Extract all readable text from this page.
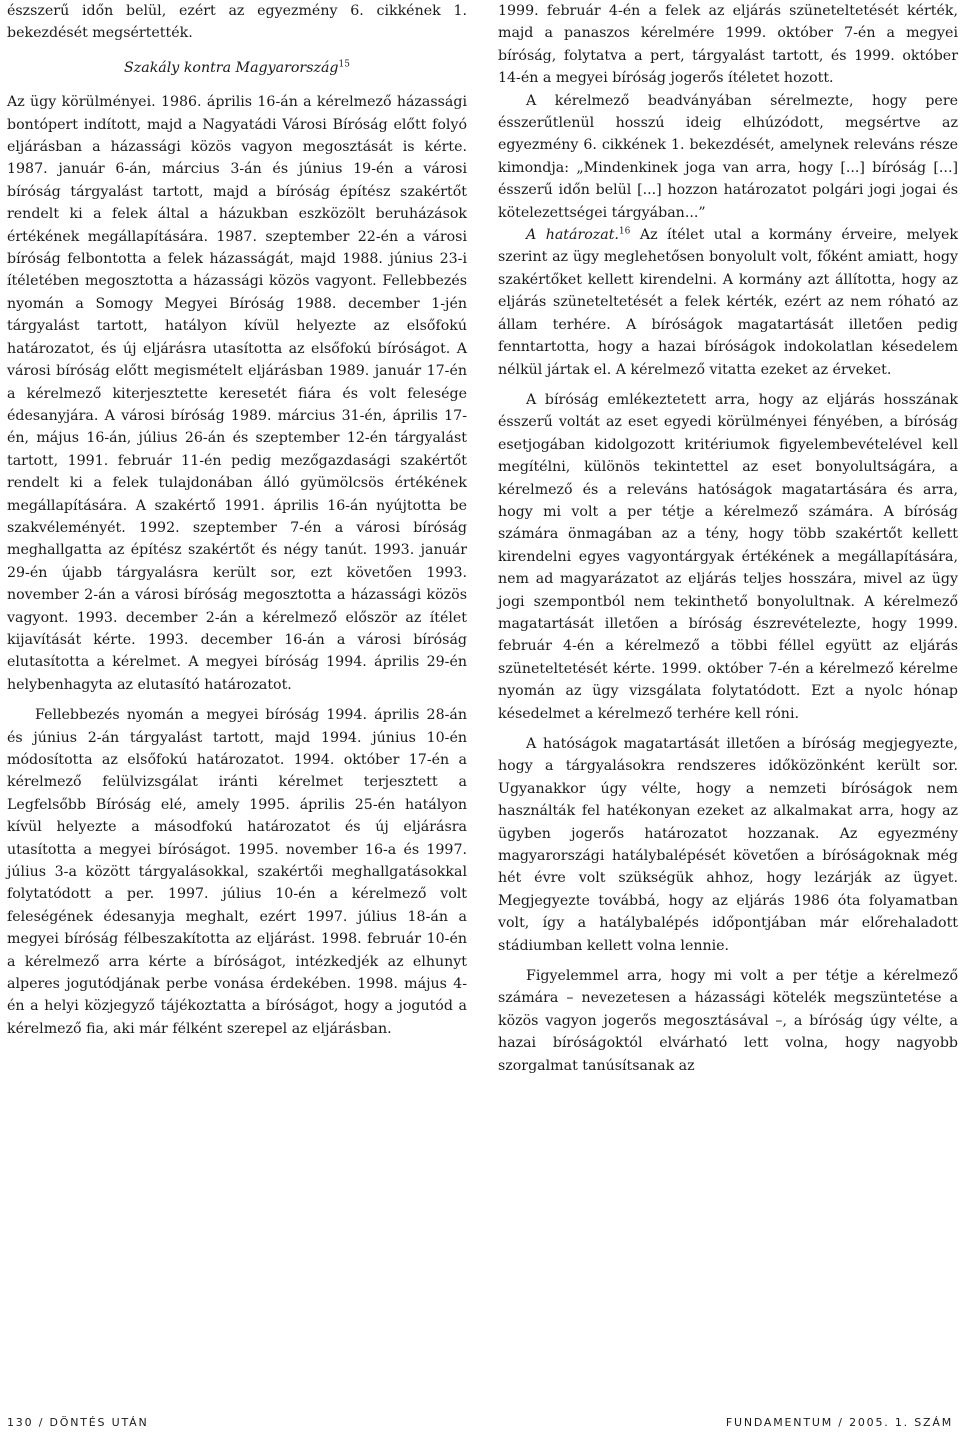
észszerű időn belül, ezért az egyezmény 6. cikkének 1. bekezdését megsértették.

Szakály kontra Magyarország$^{15}$

Az ügy körülményei. 1986. április 16-án a kérelmező házassági bontópert indított, majd a Nagyatádi Városi Bíróság előtt folyó eljárásban a házassági közös vagyon megosztását is kérte. 1987. január 6-án, március 3-án és június 19-én a városi bíróság tárgyalást tartott, majd a bíróság építész szakértőt rendelt ki a felek által a házukban eszközölt beruházások értékének megállapítására. 1987. szeptember 22-én a városi bíróság felbontotta a felek házasságát, majd 1988. június 23-i ítéletében megosztotta a házassági közös vagyont. Fellebbezés nyomán a Somogy Megyei Bíróság 1988. december 1-jén tárgyalást tartott, hatályon kívül helyezte az elsőfokú határozatot, és új eljárásra utasította az elsőfokú bíróságot. A városi bíróság előtt megismételt eljárásban 1989. január 17-én a kérelmező kiterjesztette keresetét fiára és volt felesége édesanyjára. A városi bíróság 1989. március 31-én, április 17-én, május 16-án, július 26-án és szeptember 12-én tárgyalást tartott, 1991. február 11-én pedig mezőgazdasági szakértőt rendelt ki a felek tulajdonában álló gyümölcsös értékének megállapítására. A szakértő 1991. április 16-án nyújtotta be szakvéleményét. 1992. szeptember 7-én a városi bíróság meghallgatta az építész szakértőt és négy tanút. 1993. január 29-én újabb tárgyalásra került sor, ezt követően 1993. november 2-án a városi bíróság megosztotta a házassági közös vagyont. 1993. december 2-án a kérelmező először az ítélet kijavítását kérte. 1993. december 16-án a városi bíróság elutasította a kérelmet. A megyei bíróság 1994. április 29-én helybenhagyta az elutasító határozatot.

Fellebbezés nyomán a megyei bíróság 1994. április 28-án és június 2-án tárgyalást tartott, majd 1994. június 10-én módosította az elsőfokú határozatot. 1994. október 17-én a kérelmező felülvizsgálat iránti kérelmet terjesztett a Legfelsőbb Bíróság elé, amely 1995. április 25-én hatályon kívül helyezte a másodfokú határozatot és új eljárásra utasította a megyei bíróságot. 1995. november 16-a és 1997. július 3-a között tárgyalásokkal, szakértői meghallgatásokkal folytatódott a per. 1997. július 10-én a kérelmező volt feleségének édesanyja meghalt, ezért 1997. július 18-án a megyei bíróság félbeszakította az eljárást. 1998. február 10-én a kérelmező arra kérte a bíróságot, intézkedjék az elhunyt alperes jogutódjának perbe vonása érdekében. 1998. május 4-én a helyi közjegyző tájékoztatta a bíróságot, hogy a jogutód a kérelmező fia, aki már félként szerepel az eljárásban.

1999. február 4-én a felek az eljárás szüneteltetését kérték, majd a panaszos kérelmére 1999. október 7-én a megyei bíróság, folytatva a pert, tárgyalást tartott, és 1999. október 14-én a megyei bíróság jogerős ítéletet hozott.

A kérelmező beadványában sérelmezte, hogy pere ésszerűtlenül hosszú ideig elhúzódott, megsértve az egyezmény 6. cikkének 1. bekezdését, amelynek releváns része kimondja: „Mindenkinek joga van arra, hogy [...] bíróság [...] ésszerű időn belül [...] hozzon határozatot polgári jogi jogai és kötelezettségei tárgyában...”

A határozat.$^{16}$ Az ítélet utal a kormány érveire, melyek szerint az ügy meglehetősen bonyolult volt, főként amiatt, hogy szakértőket kellett kirendelni. A kormány azt állította, hogy az eljárás szüneteltetését a felek kérték, ezért az nem róható az állam terhére. A bíróságok magatartását illetően pedig fenntartotta, hogy a hazai bíróságok indokolatlan késedelem nélkül jártak el. A kérelmező vitatta ezeket az érveket.

A bíróság emlékeztetett arra, hogy az eljárás hosszának ésszerű voltát az eset egyedi körülményei fényében, a bíróság esetjogában kidolgozott kritériumok figyelembevételével kell megítélni, különös tekintettel az eset bonyolultságára, a kérelmező és a releváns hatóságok magatartására és arra, hogy mi volt a per tétje a kérelmező számára. A bíróság számára önmagában az a tény, hogy több szakértőt kellett kirendelni egyes vagyontárgyak értékének a megállapítására, nem ad magyarázatot az eljárás teljes hosszára, mivel az ügy jogi szempontból nem tekinthető bonyolultnak. A kérelmező magatartását illetően a bíróság észrevételezte, hogy 1999. február 4-én a kérelmező a többi féllel együtt az eljárás szüneteltetését kérte. 1999. október 7-én a kérelmező kérelme nyomán az ügy vizsgálata folytatódott. Ezt a nyolc hónap késedelmet a kérelmező terhére kell róni.

A hatóságok magatartását illetően a bíróság megjegyezte, hogy a tárgyalásokra rendszeres időközönként került sor. Ugyanakkor úgy vélte, hogy a nemzeti bíróságok nem használták fel hatékonyan ezeket az alkalmakat arra, hogy az ügyben jogerős határozatot hozzanak. Az egyezmény magyarországi hatálybalépését követően a bíróságoknak még hét évre volt szükségük ahhoz, hogy lezárják az ügyet. Megjegyezte továbbá, hogy az eljárás 1986 óta folyamatban volt, így a hatálybalépés időpontjában már előrehaladott stádiumban kellett volna lennie.

Figyelemmel arra, hogy mi volt a per tétje a kérelmező számára – nevezetesen a házassági kötelék megszüntetése a közös vagyon jogerős megosztásával –, a bíróság úgy vélte, a hazai bíróságoktól elvárható lett volna, hogy nagyobb szorgalmat tanúsítsanak az

130 / DÖNTÉS UTÁN	FUNDAMENTUM / 2005. 1. SZÁM
